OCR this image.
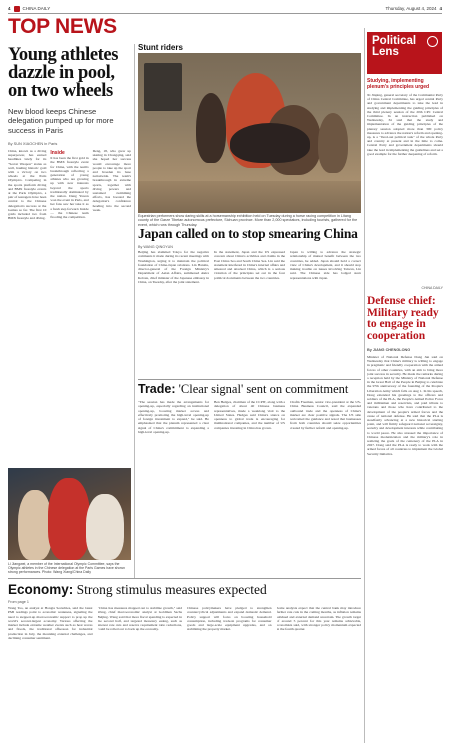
4	CHINA DAILY	Thursday, August 4, 2024 4
TOP NEWS
Young athletes dazzle in pool, on two wheels
New blood keeps Chinese delegation pumped up for more success in Paris
By SUN XIAOCHEN in Paris
China, known as a diving superpower, has earned headlines lately for its "Secret Weapon" status as well, hauling historic gold with a victory on two wheels at the Paris Olympics. Competing in the sports platform diving and BMX freestyle events at the Paris Olympics, a pair of teenagers have been central to the Chinese delegation's success at the Games so far. The first 10 golds included two from BMX freestyle and diving.
Inside
It has been the first gold in the BMX freestyle event for China, with the team's breakthrough reflecting a generation of young athletes who are growing up with new interests beyond the sports traditionally dominated by the nation. Deng Yawen won the event in Paris, and her fans saw her take it as a fresh step forward. Inside — the Chinese team flooding the competition.
Deng, 18, who grew up skating in Chongqing, said she hoped her success would encourage more people to take up the sport and broaden its base nationwide. The team's breakthrough in extreme sports, together with diving powers and sustained swimming efforts, has boosted the delegation's confidence heading into the second week.
Stunt riders
Equestrian performers show daring skills at a horsemanship exhibition held on Tuesday during a horse racing competition in Litang county of the Garze Tibetan autonomous prefecture, Sichuan province. More than 2,000 spectators, including tourists, gathered for the event, which runs through Thursday.
Japan called on to stop smearing China
By WANG QINGYUN
Beijing has slammed Tokyo for the negative comments it made during its recent meetings with Washington, urging it to maintain the political foundation of China-Japan relations. Lin Hanxiu, director-general of the Foreign Ministry's Department of Asian Affairs, summoned Akira Kobata, chief minister of the Japanese embassy in China, on Tuesday, after the joint statement.
In the statement, Japan and the US expressed concern about China's activities and claims in the East China Sea and South China Sea. Lin said the statement interfered in China's internal affairs and smeared and attacked China, which is a serious violation of the principles set out in the four political documents between the two countries.
Japan is willing to advance the strategic relationship of mutual benefit between the two countries, he added. Japan should hold a correct view of China's development, and it should stop making trouble on issues involving Taiwan, Lin said. The Chinese side has lodged stern representations with Japan.
Trade: 'Clear signal' sent on commitment
"The session has made the arrangements for opening-up, especially regarding an institutional opening-up, boosting market access and effectively promoting the high-level opening-up of foreign investment to expand," he said. He emphasized that the plenum represented a clear signal of China's commitment to expanding a high-level opening-up.
Ben Hedges, chairman of the CCPIT, along with a delegation of about 40 Chinese business representatives, made a weeklong visit to the United States. Hedges said China's stance on openness to global trade is encouraging for multinational companies, and the number of US companies investing in China has grown.
Chafin Freeman, senior vice-president at the US-China Business Council, said the expanded outbound trade and the openness of China's market are clear positive signals. The US side welcomed the guidance and noted that businesses from both countries should seize opportunities created by further reform and opening-up.
Li Jiangwei, a member of the International Olympic Committee, says the Olympic athletes in the Chinese delegation at the Paris Games have shown strong performances. Photo: Wang Xiang/China Daily
Economy: Strong stimulus measures expected
From page 1
Wang Tao, an analyst at Hongta Securities, said the latest PMI readings point to economic weakness, signaling the need to stepped-up macroeconomic support to prop up the world's second-largest economy. Various affecting the market include extreme weather events such as heat waves and floods, the traditional offseason for industrial production in July, the mounting external challenges, and declining consumer sentiment.
"China has measures mapped out to stabilize growth," said Wang, chief macroeconomic analyst at Goldman Sachs Beijing. Wang said that more fiscal spending is expected in the second half, and targeted monetary easing, such as interest rate cuts and reserve requirement ratio reductions, could be rolled out to back up the economy.
Chinese policymakers have pledged to strengthen countercyclical adjustments and expand domestic demand. Policy support will focus on boosting household consumption, including trade-in programs for consumer goods and large-scale equipment upgrades, and on stabilizing the property market.
Some analysts expect that the central bank may introduce further rate cuts in the coming months, as inflation remains subdued and external demand uncertain. The growth target of around 5 percent for this year remains achievable, economists said, with stronger policy momentum expected in the fourth quarter.
Political Lens
Studying, implementing plenum's principles urged
Xi Jinping, general secretary of the Communist Party of China Central Committee, has urged central Party and government departments to take the lead in studying and implementing the guiding principles of the third plenary session of the 20th CPC Central Committee. In an instruction published on Wednesday, Xi said that the study and implementation of the guiding principles of the plenary session adopted more than 300 policy measures to advance the nation's reform and opening-up, is a "lived-out political task" of the whole Party and country at present and in the time to come. Central Party and government departments should take the lead in implementing the guidelines and set a good example for the further deepening of reform.
CHINA DAILY
Defense chief: Military ready to engage in cooperation
By JIANG CHENGLONG
Minister of National Defense Dong Jun said on Wednesday that China's military is willing to engage in pragmatic and friendly cooperation with the armed forces of other countries, with an aim to bring more joint success in security. He made the remarks during a reception held by the Ministry of National Defense in the Great Hall of the People in Beijing to celebrate the 97th anniversary of the founding of the People's Liberation Army which falls on Aug 1. In his speech, Dong extended his greetings to the officers and soldiers of the PLA, the People's Armed Police Force and militiamen and reservists, and paid tribute to veterans and those who have contributed to the development of the people's armed forces and the cause of national defense. He said that the PLA is steadfastly advancing at a new historical starting point, and will firmly safeguard national sovereignty, security and development interests while contributing to world peace. He also stressed the importance of Chinese modernization and the military's role in realizing the goals of the centenary of the PLA in 2027. Dong said the PLA is ready to work with the armed forces of all countries to implement the Global Security Initiative.
